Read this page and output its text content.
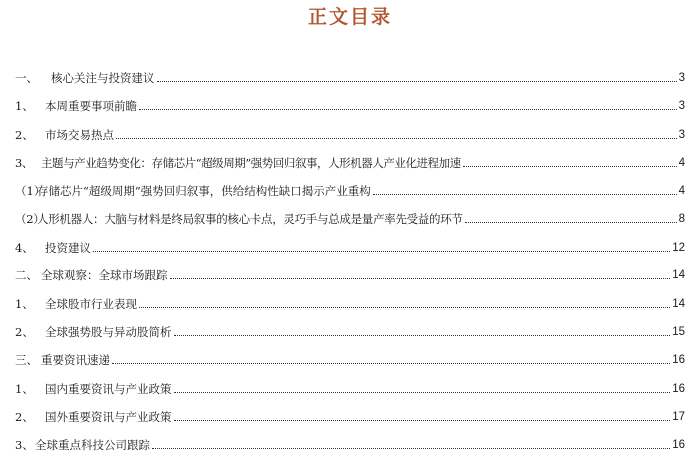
正文目录
一、 核心关注与投资建议	3
1、 本周重要事项前瞻	3
2、 市场交易热点	3
3、 主题与产业趋势变化：存储芯片“超级周期”强势回归叙事，人形机器人产业化进程加速	4
（1）存储芯片“超级周期”强势回归叙事，供给结构性缺口揭示产业重构	4
（2）人形机器人：大脑与材料是终局叙事的核心卡点，灵巧手与总成是量产率先受益的环节	8
4、 投资建议	12
二、 全球观察：全球市场跟踪	14
1、 全球股市行业表现	14
2、 全球强势股与异动股简析	15
三、 重要资讯速递	16
1、 国内重要资讯与产业政策	16
2、 国外重要资讯与产业政策	17
3、全球重点科技公司跟踪	16
